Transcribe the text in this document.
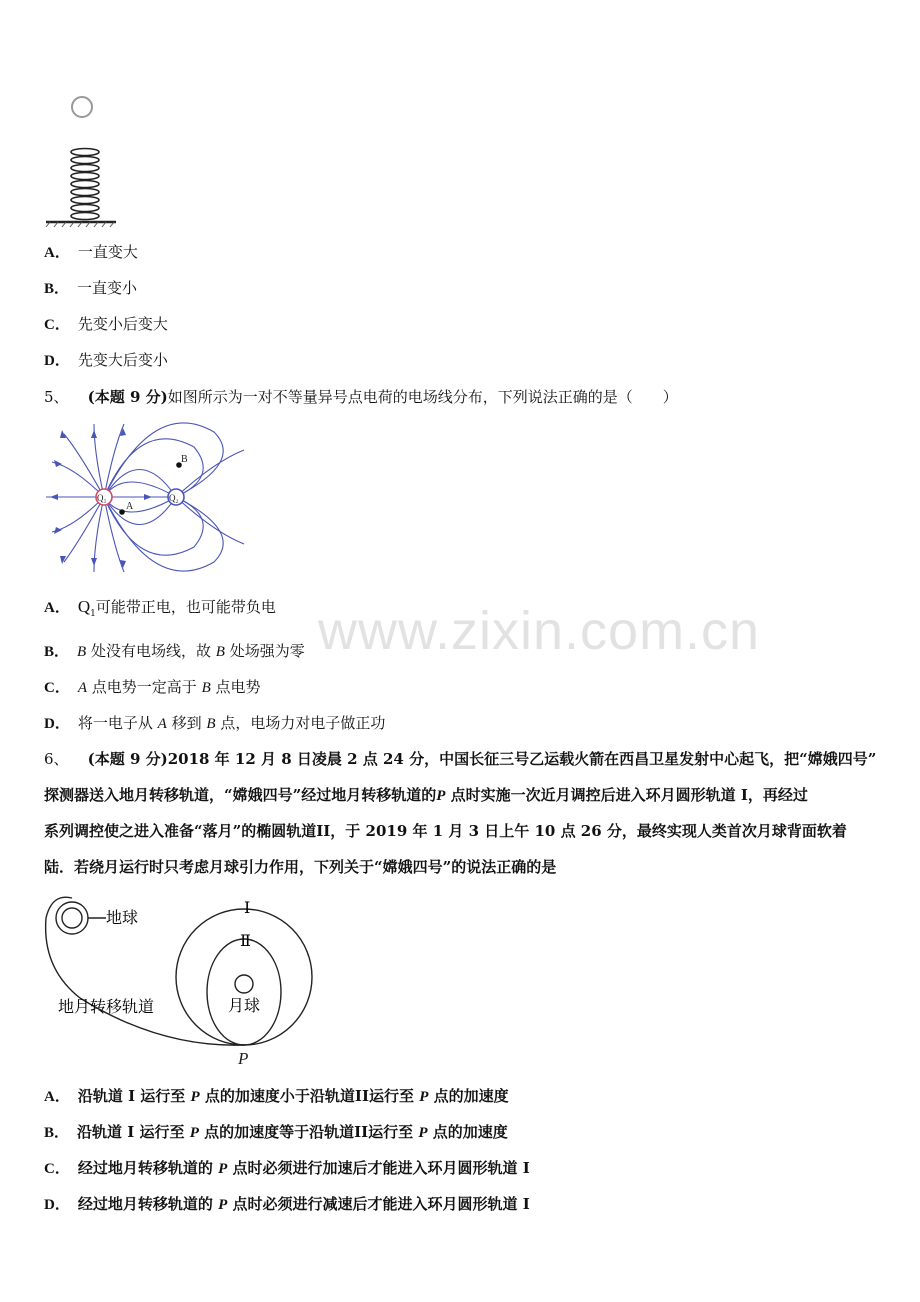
A． 一直变大
B． 一直变小
C． 先变小后变大
D． 先变大后变小
5、 (本题 9 分)如图所示为一对不等量异号点电荷的电场线分布，下列说法正确的是（　　）
Q₁	Q₂
A
B
A． $Q_1$可能带正电，也可能带负电
B． B 处没有电场线，故 B 处场强为零
C． A 点电势一定高于 B 点电势
D． 将一电子从 A 移到 B 点，电场力对电子做正功
6、 (本题 9 分)2018 年 12 月 8 日凌晨 2 点 24 分，中国长征三号乙运载火箭在西昌卫星发射中心起飞，把“嫦娥四号”
探测器送入地月转移轨道，“嫦娥四号”经过地月转移轨道的P 点时实施一次近月调控后进入环月圆形轨道 I，再经过
系列调控使之进入准备“落月”的椭圆轨道II，于 2019 年 1 月 3 日上午 10 点 26 分，最终实现人类首次月球背面软着
陆．若绕月运行时只考虑月球引力作用，下列关于“嫦娥四号”的说法正确的是
地球
I
Ⅱ
月球
地月转移轨道
P
A． 沿轨道 I 运行至 P 点的加速度小于沿轨道II运行至 P 点的加速度
B． 沿轨道 I 运行至 P 点的加速度等于沿轨道II运行至 P 点的加速度
C． 经过地月转移轨道的 P 点时必须进行加速后才能进入环月圆形轨道 I
D． 经过地月转移轨道的 P 点时必须进行减速后才能进入环月圆形轨道 I
www.zixin.com.cn
